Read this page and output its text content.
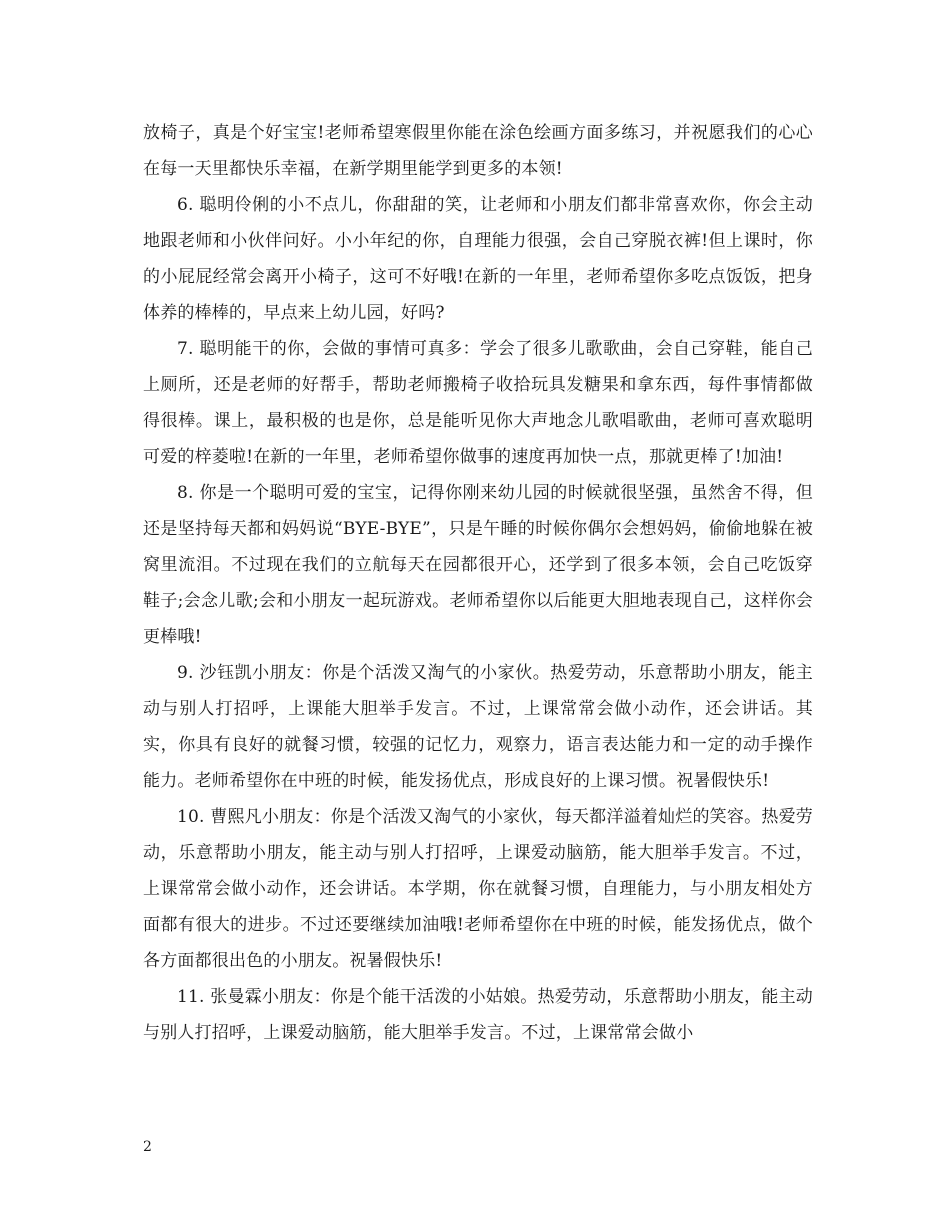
放椅子，真是个好宝宝!老师希望寒假里你能在涂色绘画方面多练习，并祝愿我们的心心在每一天里都快乐幸福，在新学期里能学到更多的本领!

6. 聪明伶俐的小不点儿，你甜甜的笑，让老师和小朋友们都非常喜欢你，你会主动地跟老师和小伙伴问好。小小年纪的你，自理能力很强，会自己穿脱衣裤!但上课时，你的小屁屁经常会离开小椅子，这可不好哦!在新的一年里，老师希望你多吃点饭饭，把身体养的棒棒的，早点来上幼儿园，好吗?

7. 聪明能干的你，会做的事情可真多：学会了很多儿歌歌曲，会自己穿鞋，能自己上厕所，还是老师的好帮手，帮助老师搬椅子收拾玩具发糖果和拿东西，每件事情都做得很棒。课上，最积极的也是你，总是能听见你大声地念儿歌唱歌曲，老师可喜欢聪明可爱的梓菱啦!在新的一年里，老师希望你做事的速度再加快一点，那就更棒了!加油!

8. 你是一个聪明可爱的宝宝，记得你刚来幼儿园的时候就很坚强，虽然舍不得，但还是坚持每天都和妈妈说“BYE-BYE”，只是午睡的时候你偶尔会想妈妈，偷偷地躲在被窝里流泪。不过现在我们的立航每天在园都很开心，还学到了很多本领，会自己吃饭穿鞋子;会念儿歌;会和小朋友一起玩游戏。老师希望你以后能更大胆地表现自己，这样你会更棒哦!

9. 沙钰凯小朋友：你是个活泼又淘气的小家伙。热爱劳动，乐意帮助小朋友，能主动与别人打招呼，上课能大胆举手发言。不过，上课常常会做小动作，还会讲话。其实，你具有良好的就餐习惯，较强的记忆力，观察力，语言表达能力和一定的动手操作能力。老师希望你在中班的时候，能发扬优点，形成良好的上课习惯。祝暑假快乐!

10. 曹熙凡小朋友：你是个活泼又淘气的小家伙，每天都洋溢着灿烂的笑容。热爱劳动，乐意帮助小朋友，能主动与别人打招呼，上课爱动脑筋，能大胆举手发言。不过，上课常常会做小动作，还会讲话。本学期，你在就餐习惯，自理能力，与小朋友相处方面都有很大的进步。不过还要继续加油哦!老师希望你在中班的时候，能发扬优点，做个各方面都很出色的小朋友。祝暑假快乐!

11. 张曼霖小朋友：你是个能干活泼的小姑娘。热爱劳动，乐意帮助小朋友，能主动与别人打招呼，上课爱动脑筋，能大胆举手发言。不过，上课常常会做小

2
